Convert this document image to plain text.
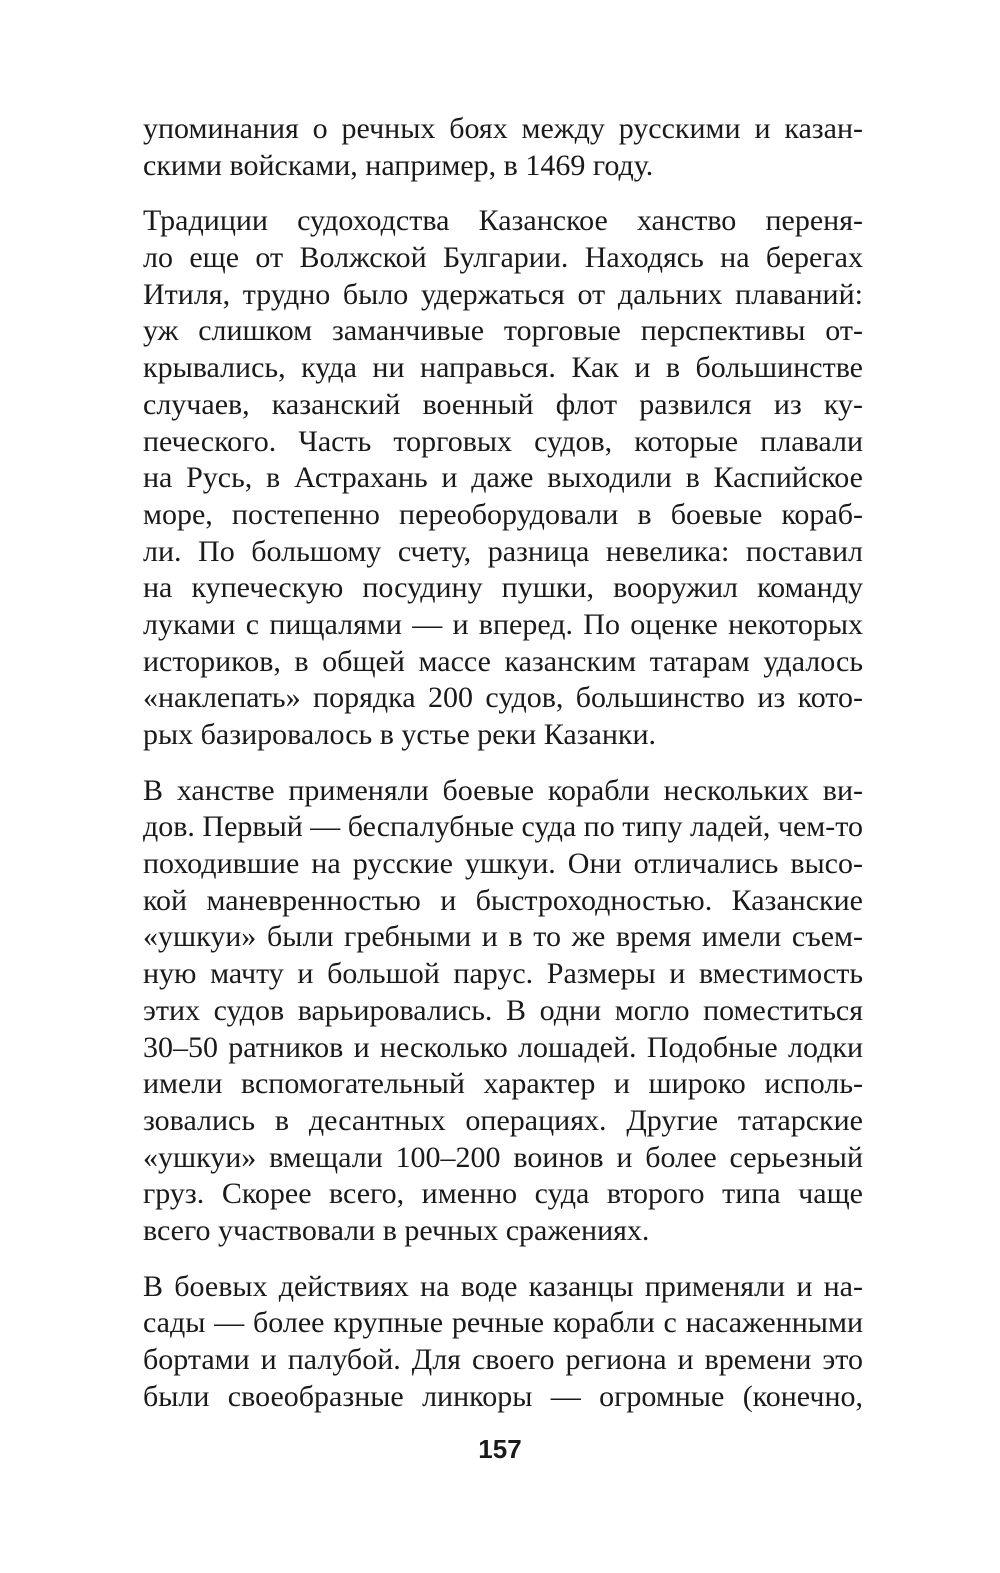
упоминания о речных боях между русскими и казан-
скими войсками, например, в 1469 году.
Традиции судоходства Казанское ханство переня-
ло еще от Волжской Булгарии. Находясь на берегах
Итиля, трудно было удержаться от дальних плаваний:
уж слишком заманчивые торговые перспективы от-
крывались, куда ни направься. Как и в большинстве
случаев, казанский военный флот развился из ку-
печеского. Часть торговых судов, которые плавали
на Русь, в Астрахань и даже выходили в Каспийское
море, постепенно переоборудовали в боевые кораб-
ли. По большому счету, разница невелика: поставил
на купеческую посудину пушки, вооружил команду
луками с пищалями — и вперед. По оценке некоторых
историков, в общей массе казанским татарам удалось
«наклепать» порядка 200 судов, большинство из кото-
рых базировалось в устье реки Казанки.
В ханстве применяли боевые корабли нескольких ви-
дов. Первый — беспалубные суда по типу ладей, чем-то
походившие на русские ушкуи. Они отличались высо-
кой маневренностью и быстроходностью. Казанские
«ушкуи» были гребными и в то же время имели съем-
ную мачту и большой парус. Размеры и вместимость
этих судов варьировались. В одни могло поместиться
30–50 ратников и несколько лошадей. Подобные лодки
имели вспомогательный характер и широко исполь-
зовались в десантных операциях. Другие татарские
«ушкуи» вмещали 100–200 воинов и более серьезный
груз. Скорее всего, именно суда второго типа чаще
всего участвовали в речных сражениях.
В боевых действиях на воде казанцы применяли и на-
сады — более крупные речные корабли с насаженными
бортами и палубой. Для своего региона и времени это
были своеобразные линкоры — огромные (конечно,
157
